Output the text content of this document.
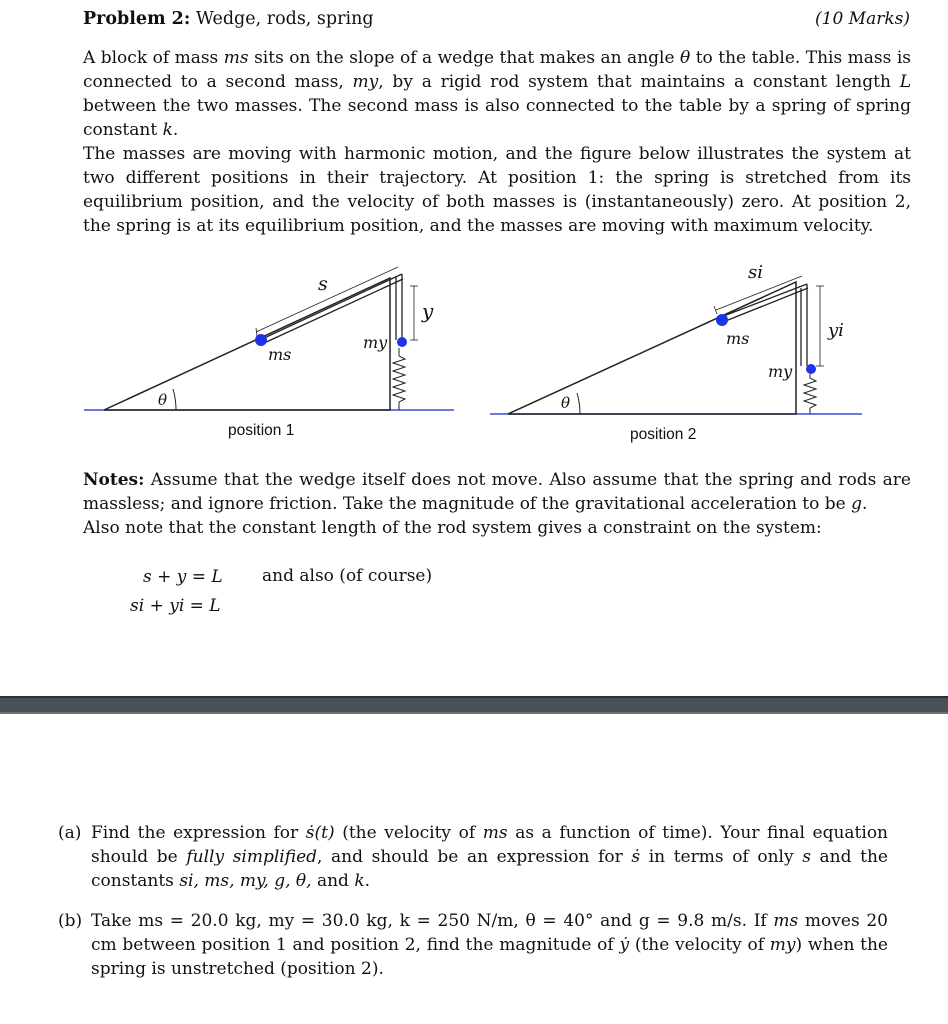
Problem 2: Wedge, rods, spring	(10 Marks)
A block of mass ms sits on the slope of a wedge that makes an angle θ to the table. This mass is connected to a second mass, my, by a rigid rod system that maintains a constant length L between the two masses. The second mass is also connected to the table by a spring of spring constant k.
The masses are moving with harmonic motion, and the figure below illustrates the system at two different positions in their trajectory. At position 1: the spring is stretched from its equilibrium position, and the velocity of both masses is (instantaneously) zero. At position 2, the spring is at its equilibrium position, and the masses are moving with maximum velocity.
s
y
ms
my
θ
si
yi
ms
my
θ
position 1	position 2
Notes: Assume that the wedge itself does not move. Also assume that the spring and rods are massless; and ignore friction. Take the magnitude of the gravitational acceleration to be g.
Also note that the constant length of the rod system gives a constraint on the system:
s + y = L and also (of course)
si + yi = L
(a) Find the expression for ṡ(t) (the velocity of ms as a function of time). Your final equation should be fully simplified, and should be an expression for ṡ in terms of only s and the constants si, ms, my, g, θ, and k.
(b) Take ms = 20.0 kg, my = 30.0 kg, k = 250 N/m, θ = 40° and g = 9.8 m/s. If ms moves 20 cm between position 1 and position 2, find the magnitude of ẏ (the velocity of my) when the spring is unstretched (position 2).
